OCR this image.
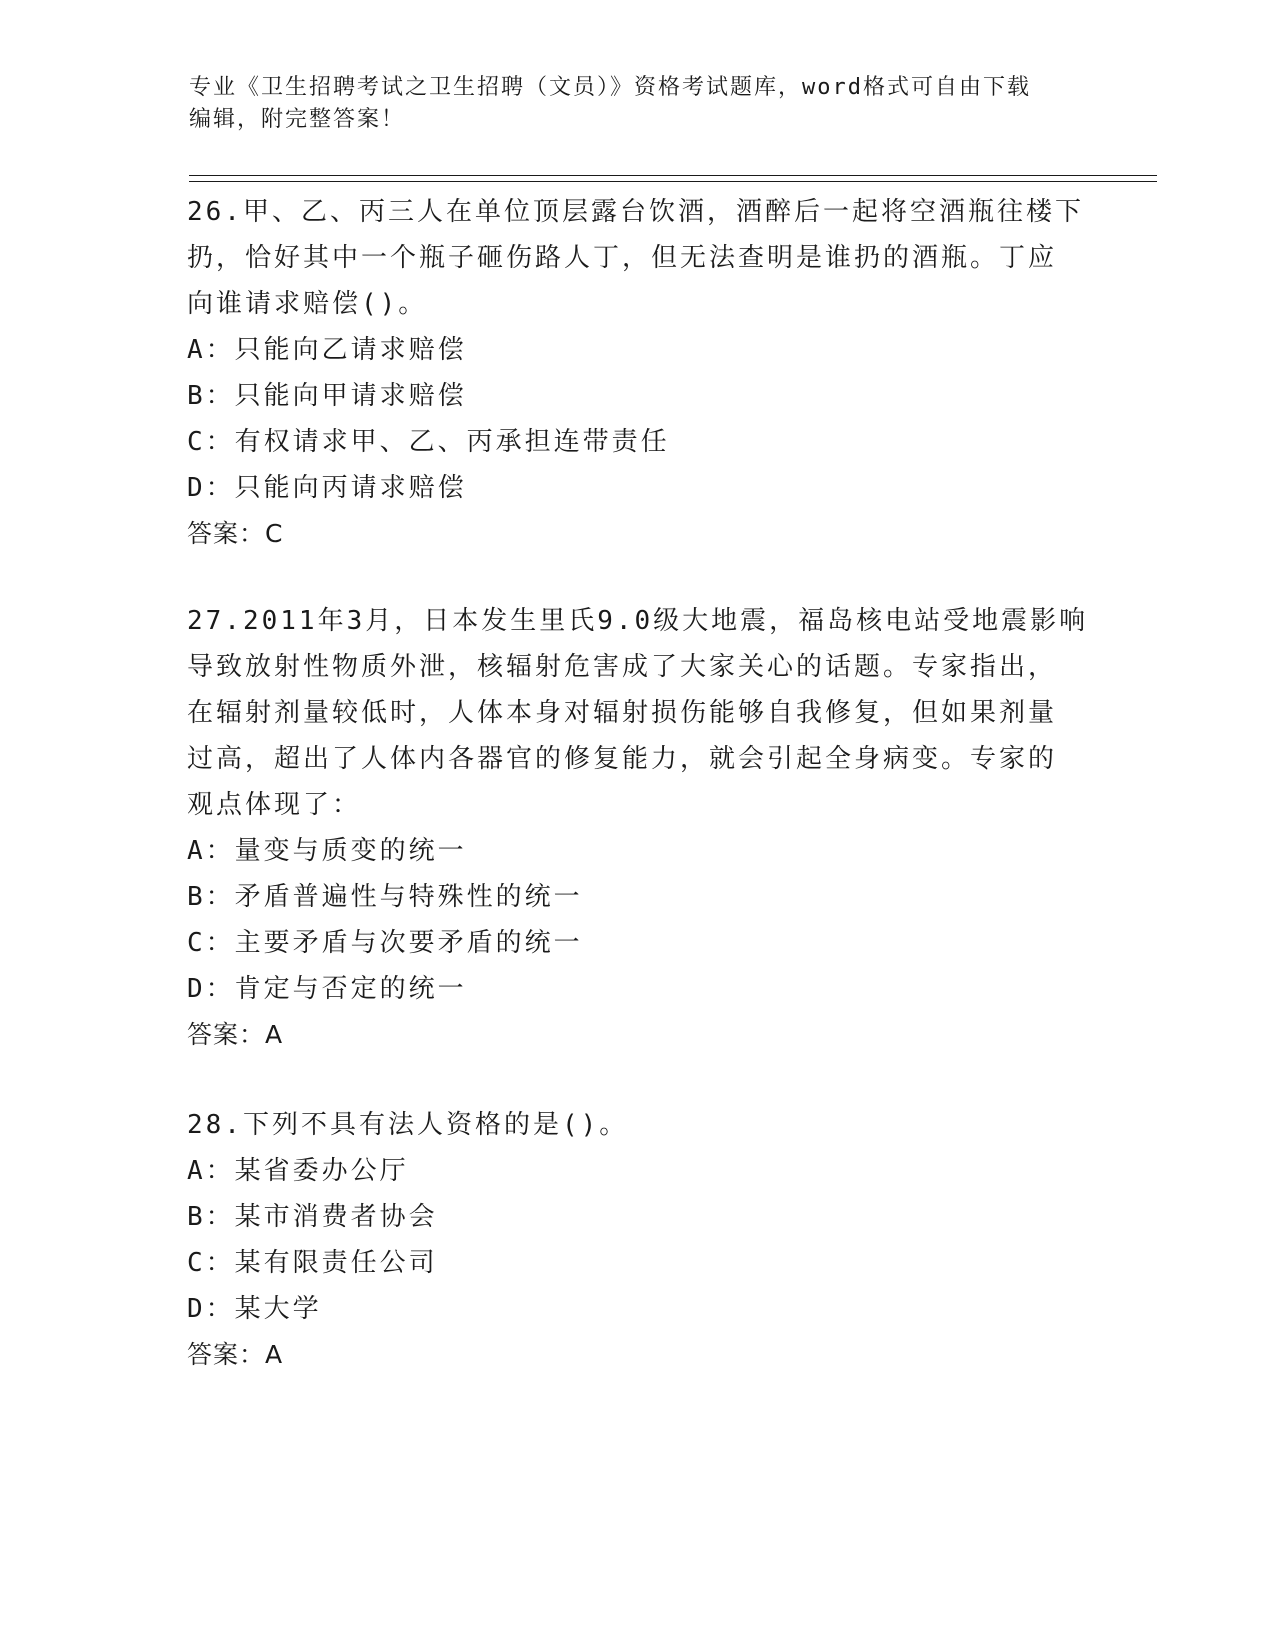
专业《卫生招聘考试之卫生招聘（文员）》资格考试题库，word格式可自由下载
编辑，附完整答案！
26.甲、乙、丙三人在单位顶层露台饮酒，酒醉后一起将空酒瓶往楼下
扔，恰好其中一个瓶子砸伤路人丁，但无法查明是谁扔的酒瓶。丁应
向谁请求赔偿()。
A：只能向乙请求赔偿
B：只能向甲请求赔偿
C：有权请求甲、乙、丙承担连带责任
D：只能向丙请求赔偿
答案：C
27.2011年3月，日本发生里氏9.0级大地震，福岛核电站受地震影响
导致放射性物质外泄，核辐射危害成了大家关心的话题。专家指出，
在辐射剂量较低时，人体本身对辐射损伤能够自我修复，但如果剂量
过高，超出了人体内各器官的修复能力，就会引起全身病变。专家的
观点体现了：
A：量变与质变的统一
B：矛盾普遍性与特殊性的统一
C：主要矛盾与次要矛盾的统一
D：肯定与否定的统一
答案：A
28.下列不具有法人资格的是()。
A：某省委办公厅
B：某市消费者协会
C：某有限责任公司
D：某大学
答案：A
